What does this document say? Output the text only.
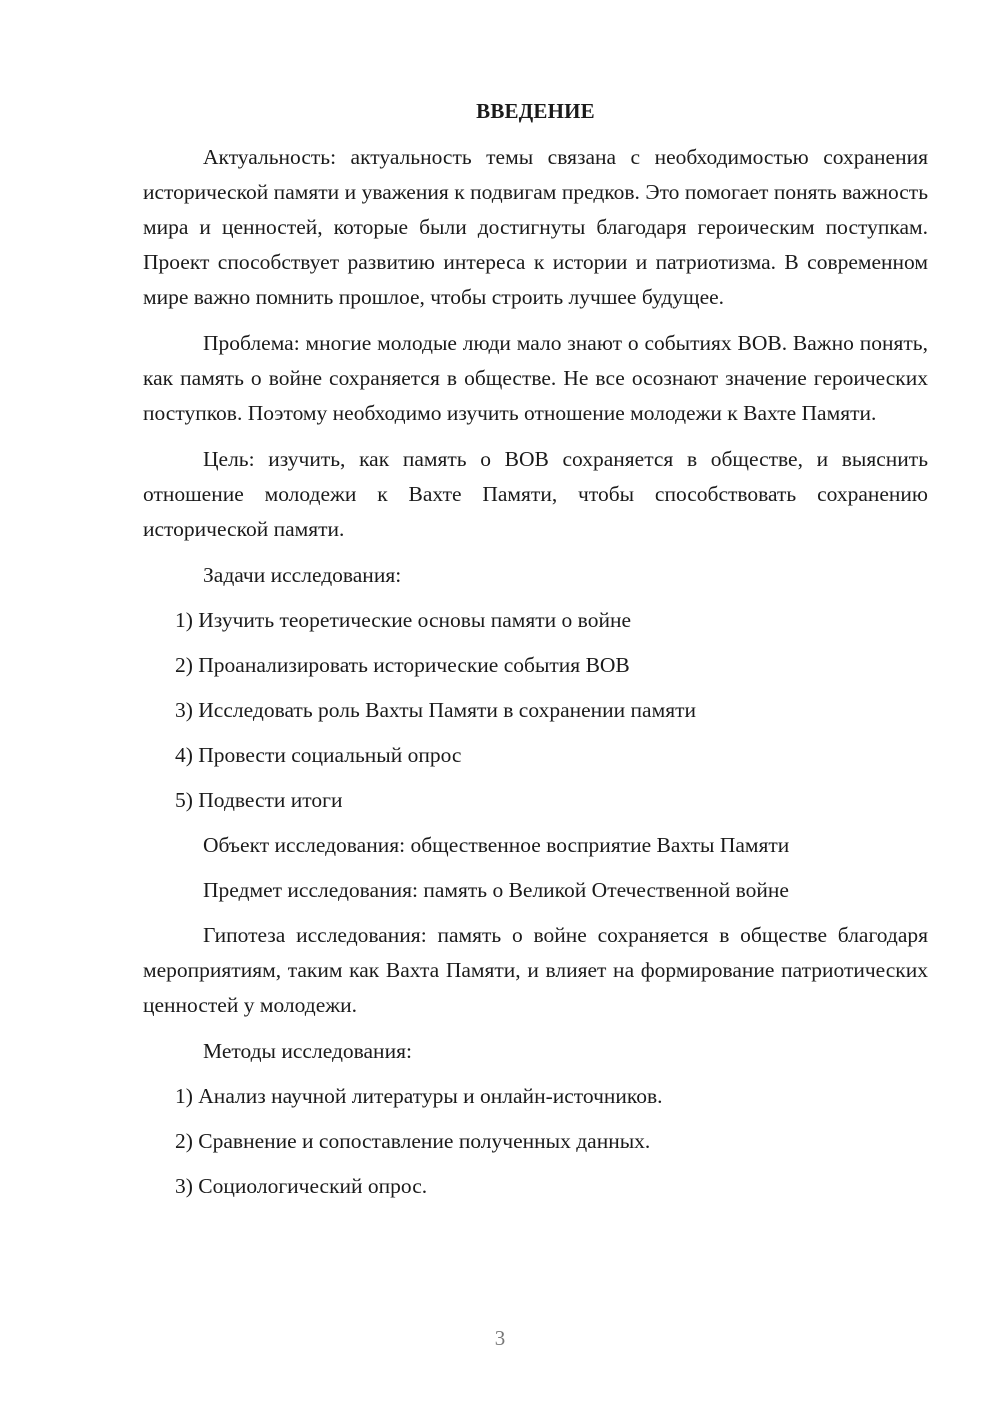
ВВЕДЕНИЕ
Актуальность: актуальность темы связана с необходимостью сохранения исторической памяти и уважения к подвигам предков. Это помогает понять важность мира и ценностей, которые были достигнуты благодаря героическим поступкам. Проект способствует развитию интереса к истории и патриотизма. В современном мире важно помнить прошлое, чтобы строить лучшее будущее.
Проблема: многие молодые люди мало знают о событиях ВОВ. Важно понять, как память о войне сохраняется в обществе. Не все осознают значение героических поступков. Поэтому необходимо изучить отношение молодежи к Вахте Памяти.
Цель: изучить, как память о ВОВ сохраняется в обществе, и выяснить отношение молодежи к Вахте Памяти, чтобы способствовать сохранению исторической памяти.
Задачи исследования:
1) Изучить теоретические основы памяти о войне
2) Проанализировать исторические события ВОВ
3) Исследовать роль Вахты Памяти в сохранении памяти
4) Провести социальный опрос
5) Подвести итоги
Объект исследования: общественное восприятие Вахты Памяти
Предмет исследования: память о Великой Отечественной войне
Гипотеза исследования: память о войне сохраняется в обществе благодаря мероприятиям, таким как Вахта Памяти, и влияет на формирование патриотических ценностей у молодежи.
Методы исследования:
1) Анализ научной литературы и онлайн-источников.
2) Сравнение и сопоставление полученных данных.
3) Социологический опрос.
3
